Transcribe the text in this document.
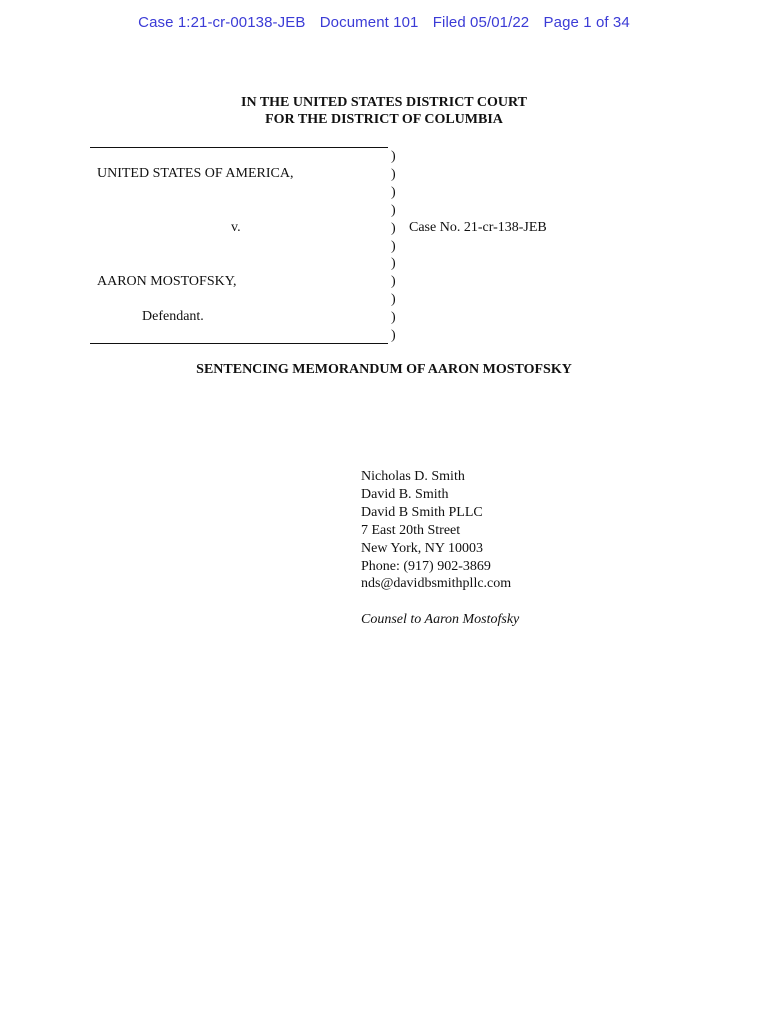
Case 1:21-cr-00138-JEB Document 101 Filed 05/01/22 Page 1 of 34
IN THE UNITED STATES DISTRICT COURT
FOR THE DISTRICT OF COLUMBIA
UNITED STATES OF AMERICA,
v.
AARON MOSTOFSKY,
Defendant.
Case No. 21-cr-138-JEB
)
)
)
)
)
)
)
)
)
)
)
SENTENCING MEMORANDUM OF AARON MOSTOFSKY
Nicholas D. Smith
David B. Smith
David B Smith PLLC
7 East 20th Street
New York, NY 10003
Phone: (917) 902-3869
nds@davidbsmithpllc.com
Counsel to Aaron Mostofsky
